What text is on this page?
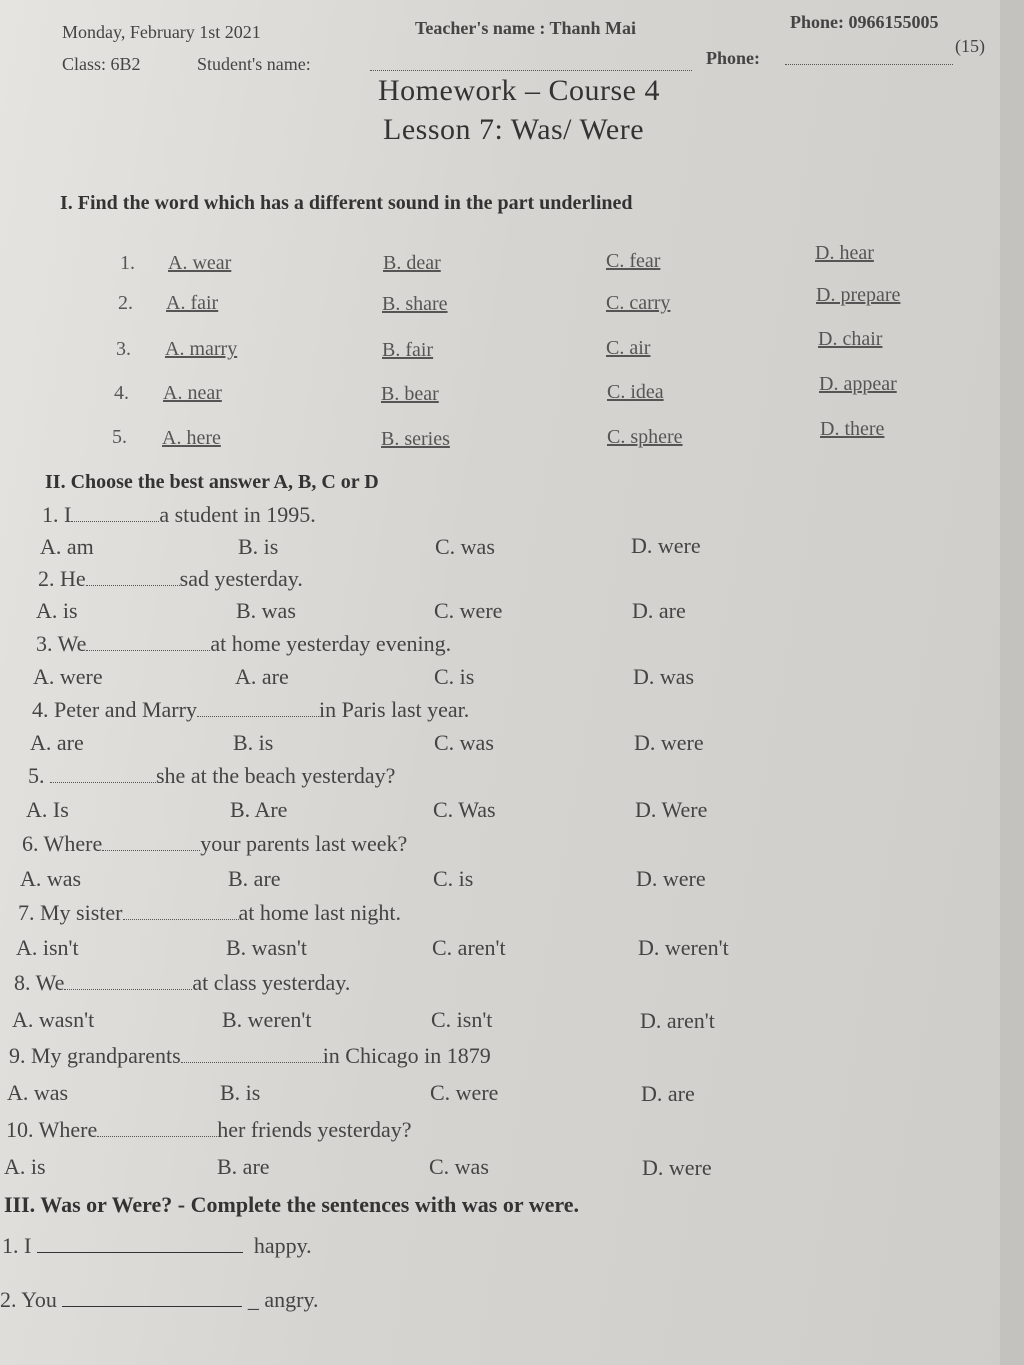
Monday, February 1st 2021	Teacher's name : Thanh Mai	Phone: 0966155005
Class: 6B2	Student's name:	Phone:
(15)
Homework – Course 4
Lesson 7: Was/ Were
I. Find the word which has a different sound in the part underlined
1. A. wear	B. dear	C. fear	D. hear
2. A. fair	B. share	C. carry	D. prepare
3. A. marry	B. fair	C. air	D. chair
4. A. near	B. bear	C. idea	D. appear
5. A. here	B. series	C. sphere	D. there
II. Choose the best answer A, B, C or D
1. I	a student in 1995.
A. am	B. is	C. was	D. were
2. He	sad yesterday.
A. is	B. was	C. were	D. are
3. We	at home yesterday evening.
A. were	A. are	C. is	D. was
4. Peter and Marry	in Paris last year.
A. are	B. is	C. was	D. were
5.	she at the beach yesterday?
A. Is	B. Are	C. Was	D. Were
6. Where	your parents last week?
A. was	B. are	C. is	D. were
7. My sister	at home last night.
A. isn't	B. wasn't	C. aren't	D. weren't
8. We	at class yesterday.
A. wasn't	B. weren't	C. isn't	D. aren't
9. My grandparents	in Chicago in 1879
A. was	B. is	C. were	D. are
10. Where	her friends yesterday?
A. is	B. are	C. was	D. were
III. Was or Were? - Complete the sentences with was or were.
1. I	happy.
2. You	_ angry.
